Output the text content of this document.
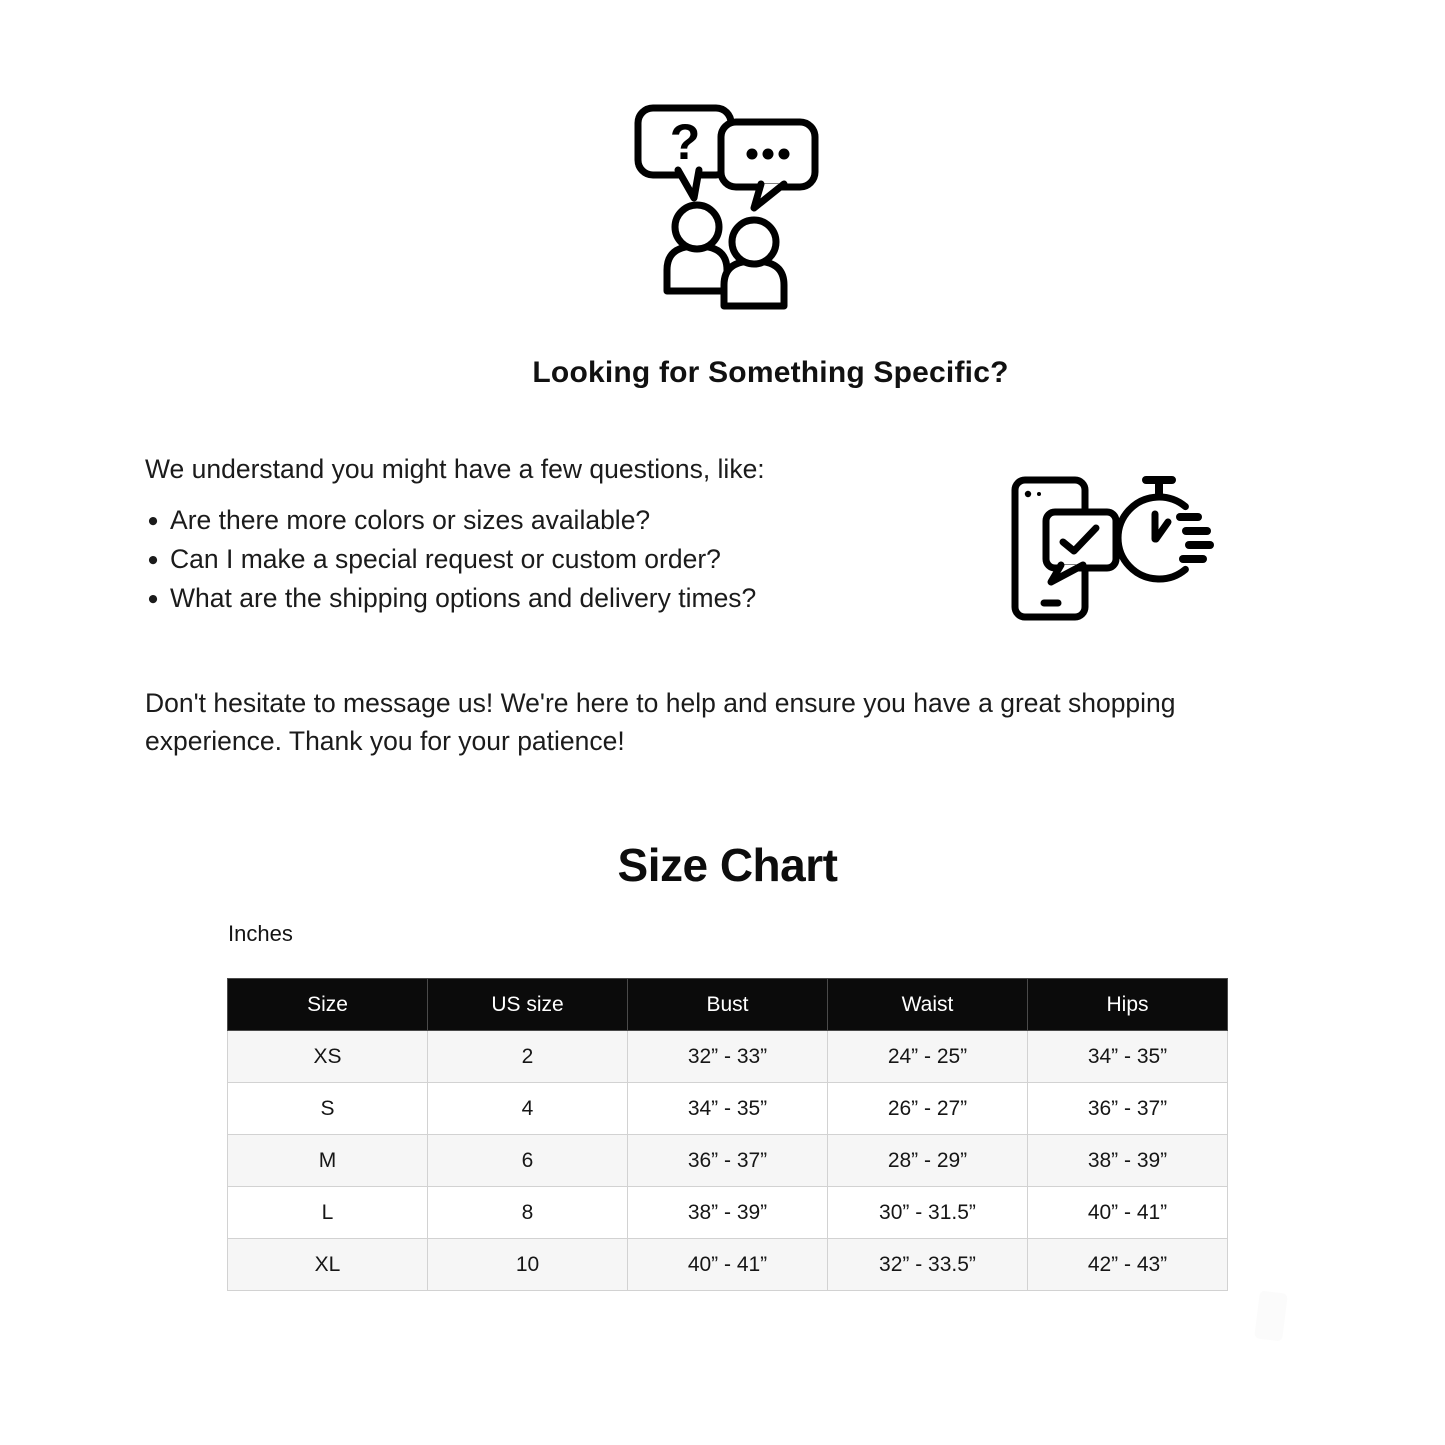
?
Looking for Something Specific?

We understand you might have a few questions, like:

● Are there more colors or sizes available?
● Can I make a special request or custom order?
● What are the shipping options and delivery times?

Don't hesitate to message us! We're here to help and ensure you have a great shopping experience. Thank you for your patience!

Size Chart
Inches
Size	US size	Bust	Waist	Hips
XS	2	32” - 33”	24” - 25”	34” - 35”
S	4	34” - 35”	26” - 27”	36” - 37”
M	6	36” - 37”	28” - 29”	38” - 39”
L	8	38” - 39”	30” - 31.5”	40” - 41”
XL	10	40” - 41”	32” - 33.5”	42” - 43”
